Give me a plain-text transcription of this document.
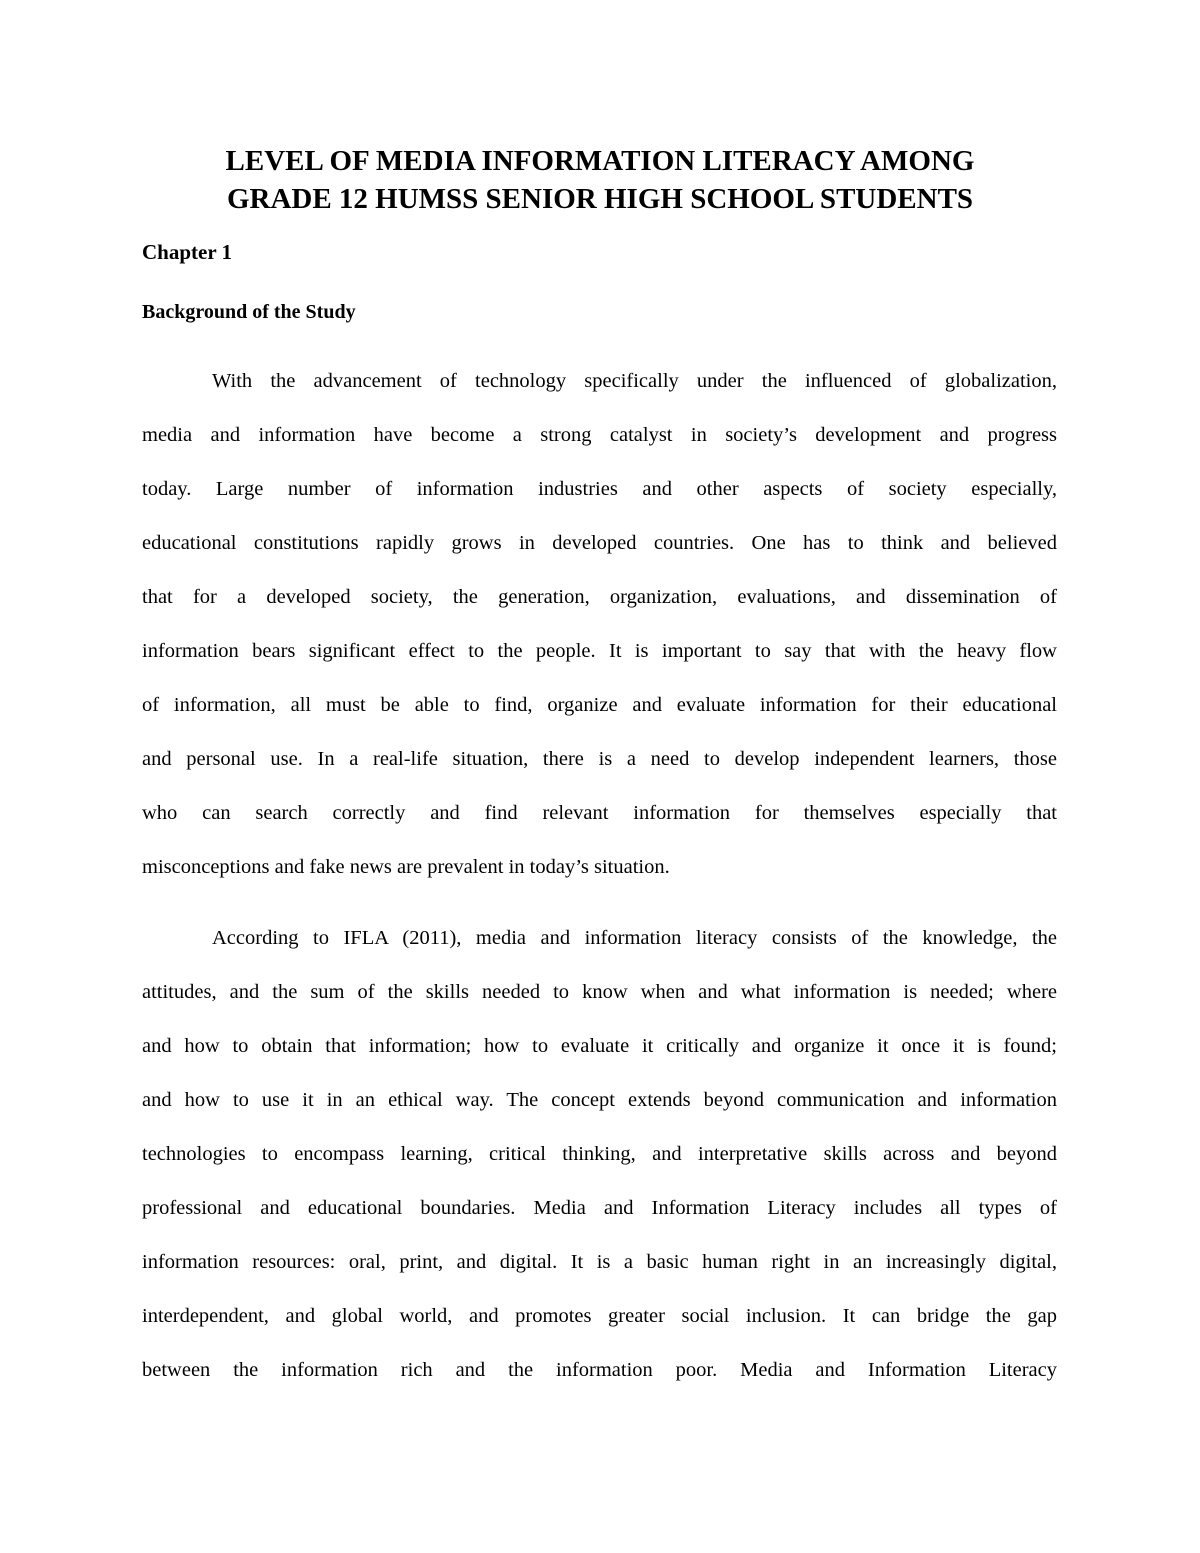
LEVEL OF MEDIA INFORMATION LITERACY AMONG
GRADE 12 HUMSS SENIOR HIGH SCHOOL STUDENTS
Chapter 1
Background of the Study
With the advancement of technology specifically under the influenced of globalization,
media and information have become a strong catalyst in society’s development and progress
today. Large number of information industries and other aspects of society especially,
educational constitutions rapidly grows in developed countries. One has to think and believed
that for a developed society, the generation, organization, evaluations, and dissemination of
information bears significant effect to the people. It is important to say that with the heavy flow
of information, all must be able to find, organize and evaluate information for their educational
and personal use. In a real-life situation, there is a need to develop independent learners, those
who can search correctly and find relevant information for themselves especially that
misconceptions and fake news are prevalent in today’s situation.
According to IFLA (2011), media and information literacy consists of the knowledge, the
attitudes, and the sum of the skills needed to know when and what information is needed; where
and how to obtain that information; how to evaluate it critically and organize it once it is found;
and how to use it in an ethical way. The concept extends beyond communication and information
technologies to encompass learning, critical thinking, and interpretative skills across and beyond
professional and educational boundaries. Media and Information Literacy includes all types of
information resources: oral, print, and digital. It is a basic human right in an increasingly digital,
interdependent, and global world, and promotes greater social inclusion. It can bridge the gap
between the information rich and the information poor. Media and Information Literacy
